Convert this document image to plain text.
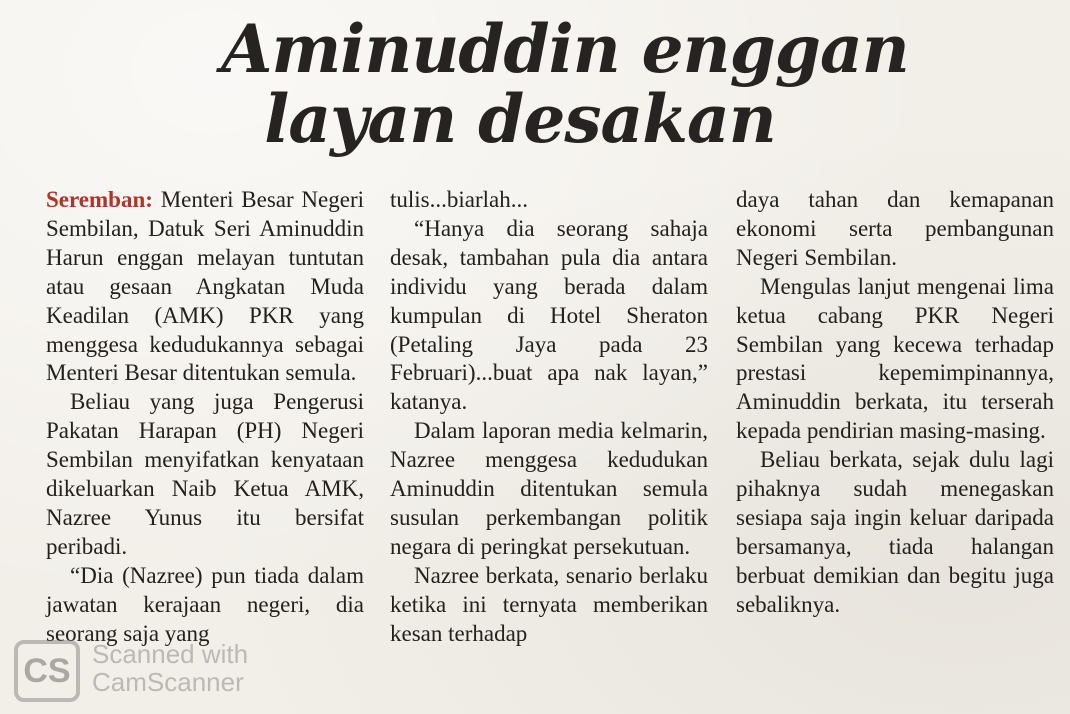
Aminuddin enggan
layan desakan

Seremban: Menteri Besar Negeri Sembilan, Datuk Seri Aminuddin Harun enggan melayan tuntutan atau gesaan Angkatan Muda Keadilan (AMK) PKR yang menggesa kedudukannya sebagai Menteri Besar ditentukan semula.

Beliau yang juga Pengerusi Pakatan Harapan (PH) Negeri Sembilan menyifatkan kenyataan dikeluarkan Naib Ketua AMK, Nazree Yunus itu bersifat peribadi.

“Dia (Nazree) pun tiada dalam jawatan kerajaan negeri, dia seorang saja yang

tulis...biarlah...

“Hanya dia seorang sahaja desak, tambahan pula dia antara individu yang berada dalam kumpulan di Hotel Sheraton (Petaling Jaya pada 23 Februari)...buat apa nak layan,” katanya.

Dalam laporan media kelmarin, Nazree menggesa kedudukan Aminuddin ditentukan semula susulan perkembangan politik negara di peringkat persekutuan.

Nazree berkata, senario berlaku ketika ini ternyata memberikan kesan terhadap

daya tahan dan kemapanan ekonomi serta pembangunan Negeri Sembilan.

Mengulas lanjut mengenai lima ketua cabang PKR Negeri Sembilan yang kecewa terhadap prestasi kepemimpinannya, Aminuddin berkata, itu terserah kepada pendirian masing-masing.

Beliau berkata, sejak dulu lagi pihaknya sudah menegaskan sesiapa saja ingin keluar daripada bersamanya, tiada halangan berbuat demikian dan begitu juga sebaliknya.

CS Scanned with
CamScanner
